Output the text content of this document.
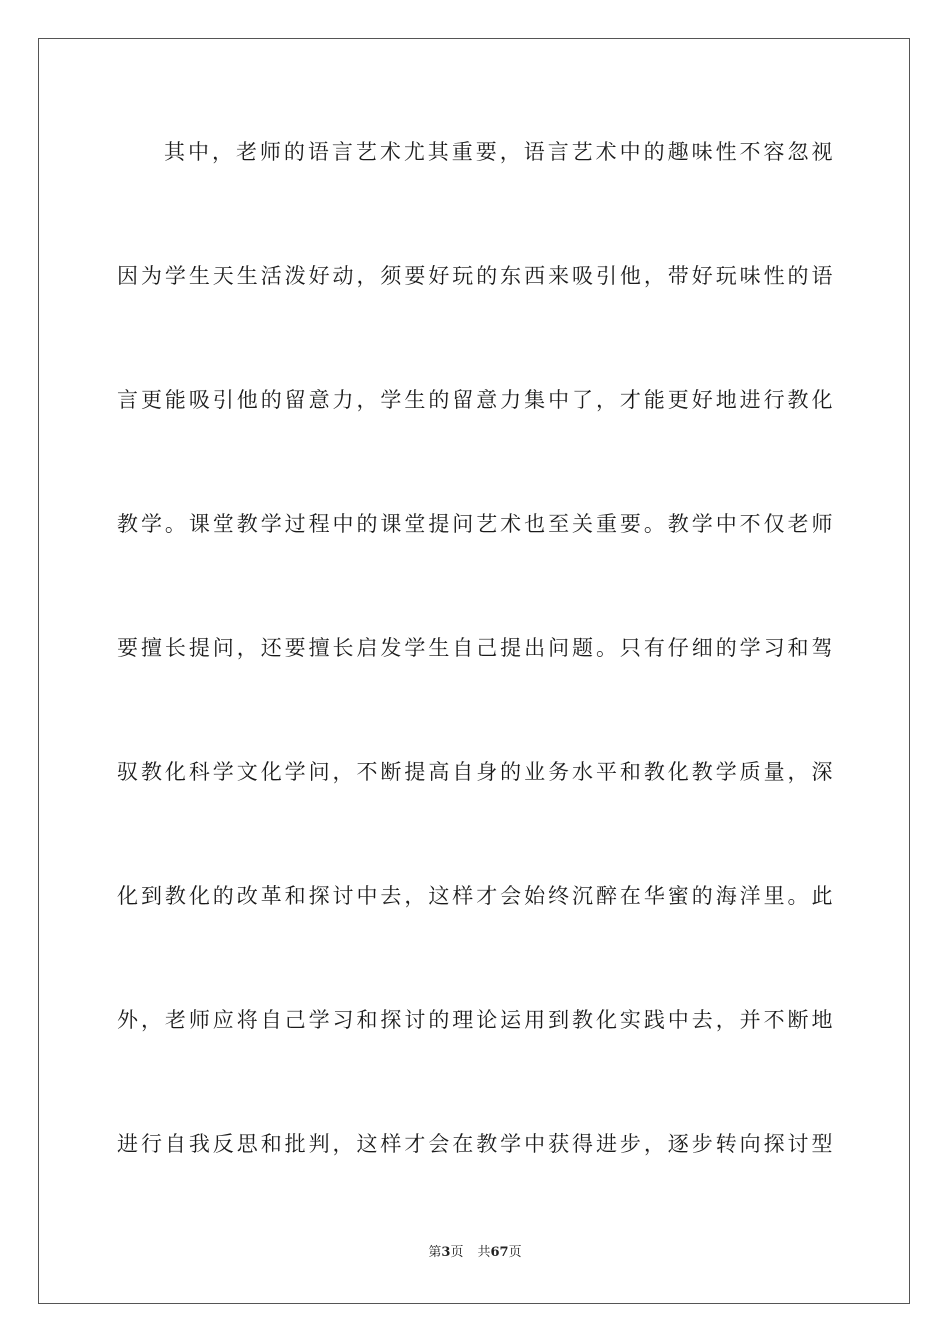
其中，老师的语言艺术尤其重要，语言艺术中的趣味性不容忽视
因为学生天生活泼好动，须要好玩的东西来吸引他，带好玩味性的语
言更能吸引他的留意力，学生的留意力集中了，才能更好地进行教化
教学。课堂教学过程中的课堂提问艺术也至关重要。教学中不仅老师
要擅长提问，还要擅长启发学生自己提出问题。只有仔细的学习和驾
驭教化科学文化学问，不断提高自身的业务水平和教化教学质量，深
化到教化的改革和探讨中去，这样才会始终沉醉在华蜜的海洋里。此
外，老师应将自己学习和探讨的理论运用到教化实践中去，并不断地
进行自我反思和批判，这样才会在教学中获得进步，逐步转向探讨型
第3页 共67页
